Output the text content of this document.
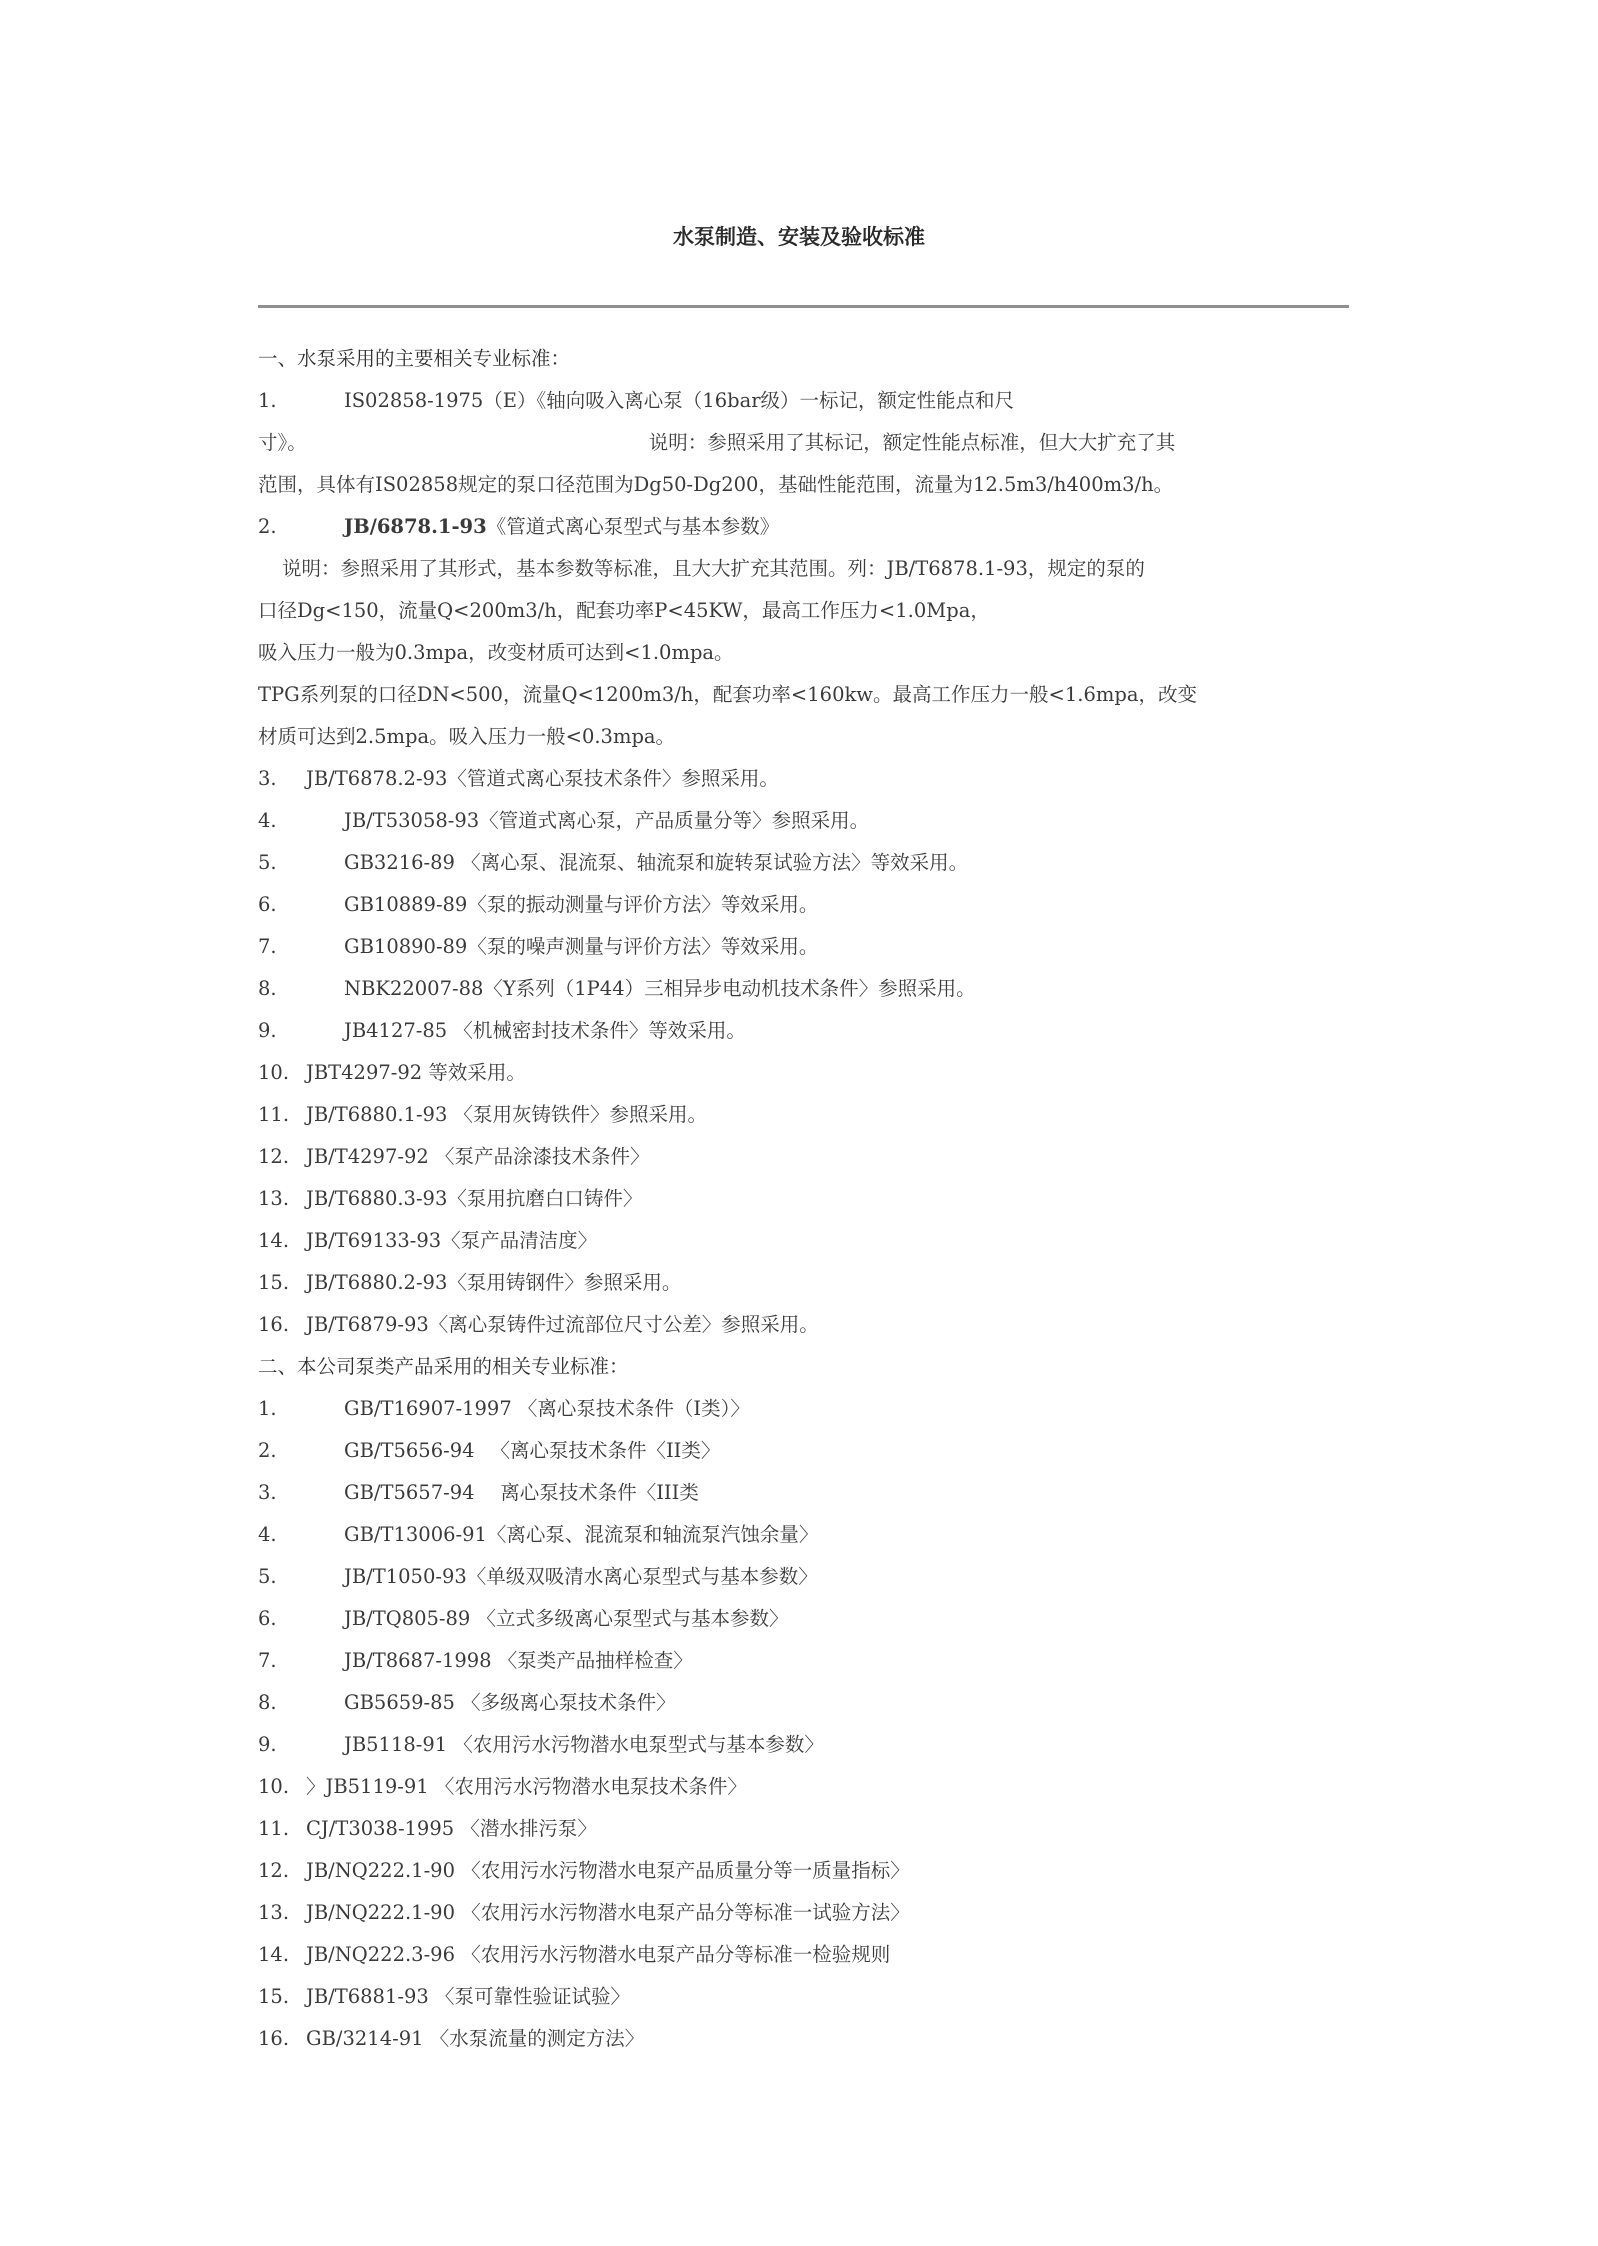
水泵制造、安装及验收标准
一、水泵采用的主要相关专业标准：
1.	IS02858-1975（E）《轴向吸入离心泵（16bar级）一标记，额定性能点和尺
寸》。	说明：参照采用了其标记，额定性能点标准，但大大扩充了其
范围，具体有IS02858规定的泵口径范围为Dg50-Dg200，基础性能范围，流量为12.5m3/h400m3/h。
2.	JB/6878.1-93《管道式离心泵型式与基本参数》
说明：参照采用了其形式，基本参数等标准，且大大扩充其范围。列：JB/T6878.1-93，规定的泵的
口径Dg<150，流量Q<200m3/h，配套功率P<45KW，最高工作压力<1.0Mpa，
吸入压力一般为0.3mpa，改变材质可达到<1.0mpa。
TPG系列泵的口径DN<500，流量Q<1200m3/h，配套功率<160kw。最高工作压力一般<1.6mpa，改变
材质可达到2.5mpa。吸入压力一般<0.3mpa。
3. JB/T6878.2-93〈管道式离心泵技术条件〉参照采用。
4.	JB/T53058-93〈管道式离心泵，产品质量分等〉参照采用。
5.	GB3216-89 〈离心泵、混流泵、轴流泵和旋转泵试验方法〉等效采用。
6.	GB10889-89〈泵的振动测量与评价方法〉等效采用。
7.	GB10890-89〈泵的噪声测量与评价方法〉等效采用。
8.	NBK22007-88〈Y系列（1P44）三相异步电动机技术条件〉参照采用。
9.	JB4127-85 〈机械密封技术条件〉等效采用。
10. JBT4297-92 等效采用。
11. JB/T6880.1-93 〈泵用灰铸铁件〉参照采用。
12. JB/T4297-92 〈泵产品涂漆技术条件〉
13. JB/T6880.3-93〈泵用抗磨白口铸件〉
14. JB/T69133-93〈泵产品清洁度〉
15. JB/T6880.2-93〈泵用铸钢件〉参照采用。
16. JB/T6879-93〈离心泵铸件过流部位尺寸公差〉参照采用。
二、本公司泵类产品采用的相关专业标准：
1.	GB/T16907-1997 〈离心泵技术条件（I类）〉
2.	GB/T5656-94 　〈离心泵技术条件〈II类〉
3.	GB/T5657-94 　离心泵技术条件〈III类
4.	GB/T13006-91〈离心泵、混流泵和轴流泵汽蚀余量〉
5.	JB/T1050-93〈单级双吸清水离心泵型式与基本参数〉
6.	JB/TQ805-89 〈立式多级离心泵型式与基本参数〉
7.	JB/T8687-1998 〈泵类产品抽样检查〉
8.	GB5659-85 〈多级离心泵技术条件〉
9.	JB5118-91 〈农用污水污物潜水电泵型式与基本参数〉
10. 〉JB5119-91 〈农用污水污物潜水电泵技术条件〉
11. CJ/T3038-1995 〈潜水排污泵〉
12. JB/NQ222.1-90 〈农用污水污物潜水电泵产品质量分等一质量指标〉
13. JB/NQ222.1-90 〈农用污水污物潜水电泵产品分等标准一试验方法〉
14. JB/NQ222.3-96 〈农用污水污物潜水电泵产品分等标准一检验规则
15. JB/T6881-93 〈泵可靠性验证试验〉
16. GB/3214-91 〈水泵流量的测定方法〉
